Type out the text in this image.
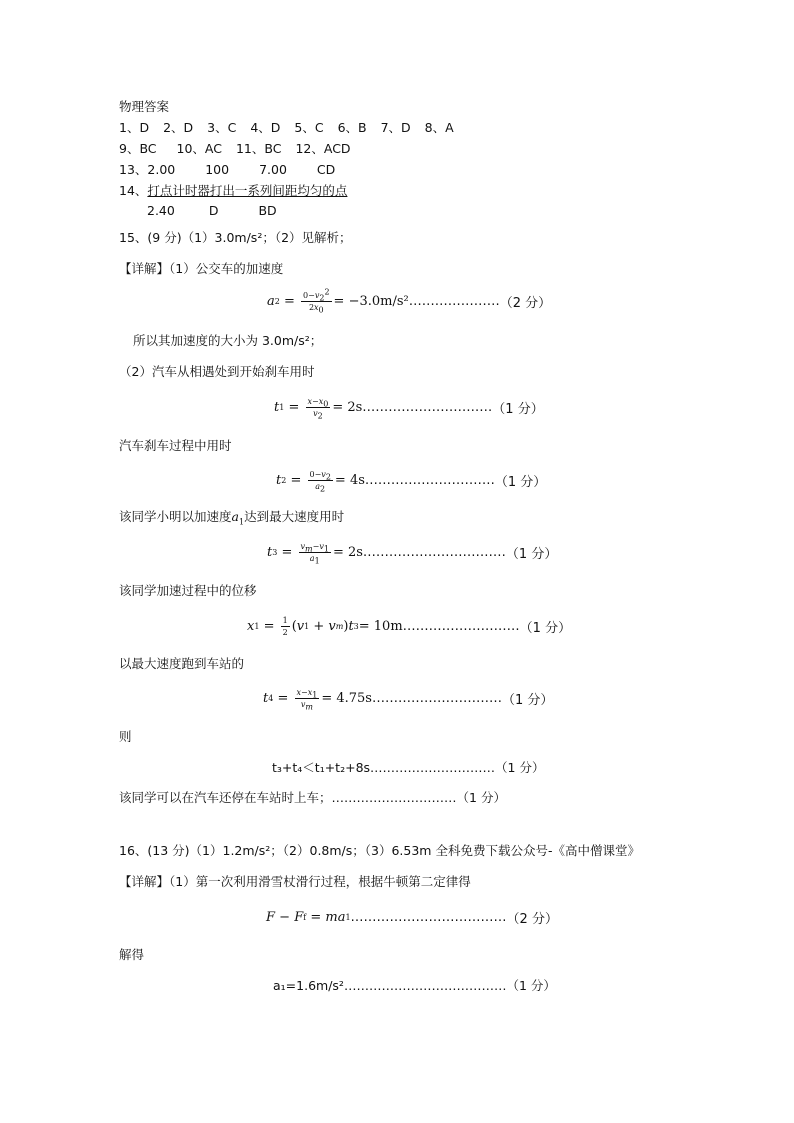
物理答案
1、D 2、D 3、C 4、D 5、C 6、B 7、D 8、A
9、BC 10、AC 11、BC 12、ACD
13、2.00 100 7.00 CD
14、打点计时器打出一系列间距均匀的点
2.40	D	BD
15、(9 分)（1）3.0m/s²；（2）见解析；
【详解】（1）公交车的加速度
a $2 = \frac{0-v_2^2}{2x_0} = -3.0m/s^2$ ………………… （2 分）
所以其加速度的大小为 3.0m/s²；
（2）汽车从相遇处到开始刹车用时
t $1 = \frac{x-x_0}{v_2} = 2s$ ………………………… （1 分）
汽车刹车过程中用时
t $2 = \frac{0-v_2}{a_2} = 4s$ ………………………… （1 分）
该同学小明以加速度$a_1$达到最大速度用时
t $3 = \frac{v_m-v_1}{a_1} = 2s$ …………………………… （1 分）
该同学加速过程中的位移
x $1 = \frac{1}{2}$ ( v 1 + v m ) t 3 = 10m ……………………… （1 分）
以最大速度跑到车站的
t $4 = \frac{x-x_1}{v_m} = 4.75s$ ………………………… （1 分）
则
t₃+t₄＜t₁+t₂+8s…………………………（1 分）
该同学可以在汽车还停在车站时上车；…………………………（1 分）
16、(13 分)（1）1.2m/s²；（2）0.8m/s；（3）6.53m 全科免费下载公众号-《高中僧课堂》
【详解】（1）第一次利用滑雪杖滑行过程，根据牛顿第二定律得
F − F f = ma 1 ……………………………… （2 分）
解得
a₁=1.6m/s²…………………………………（1 分）
